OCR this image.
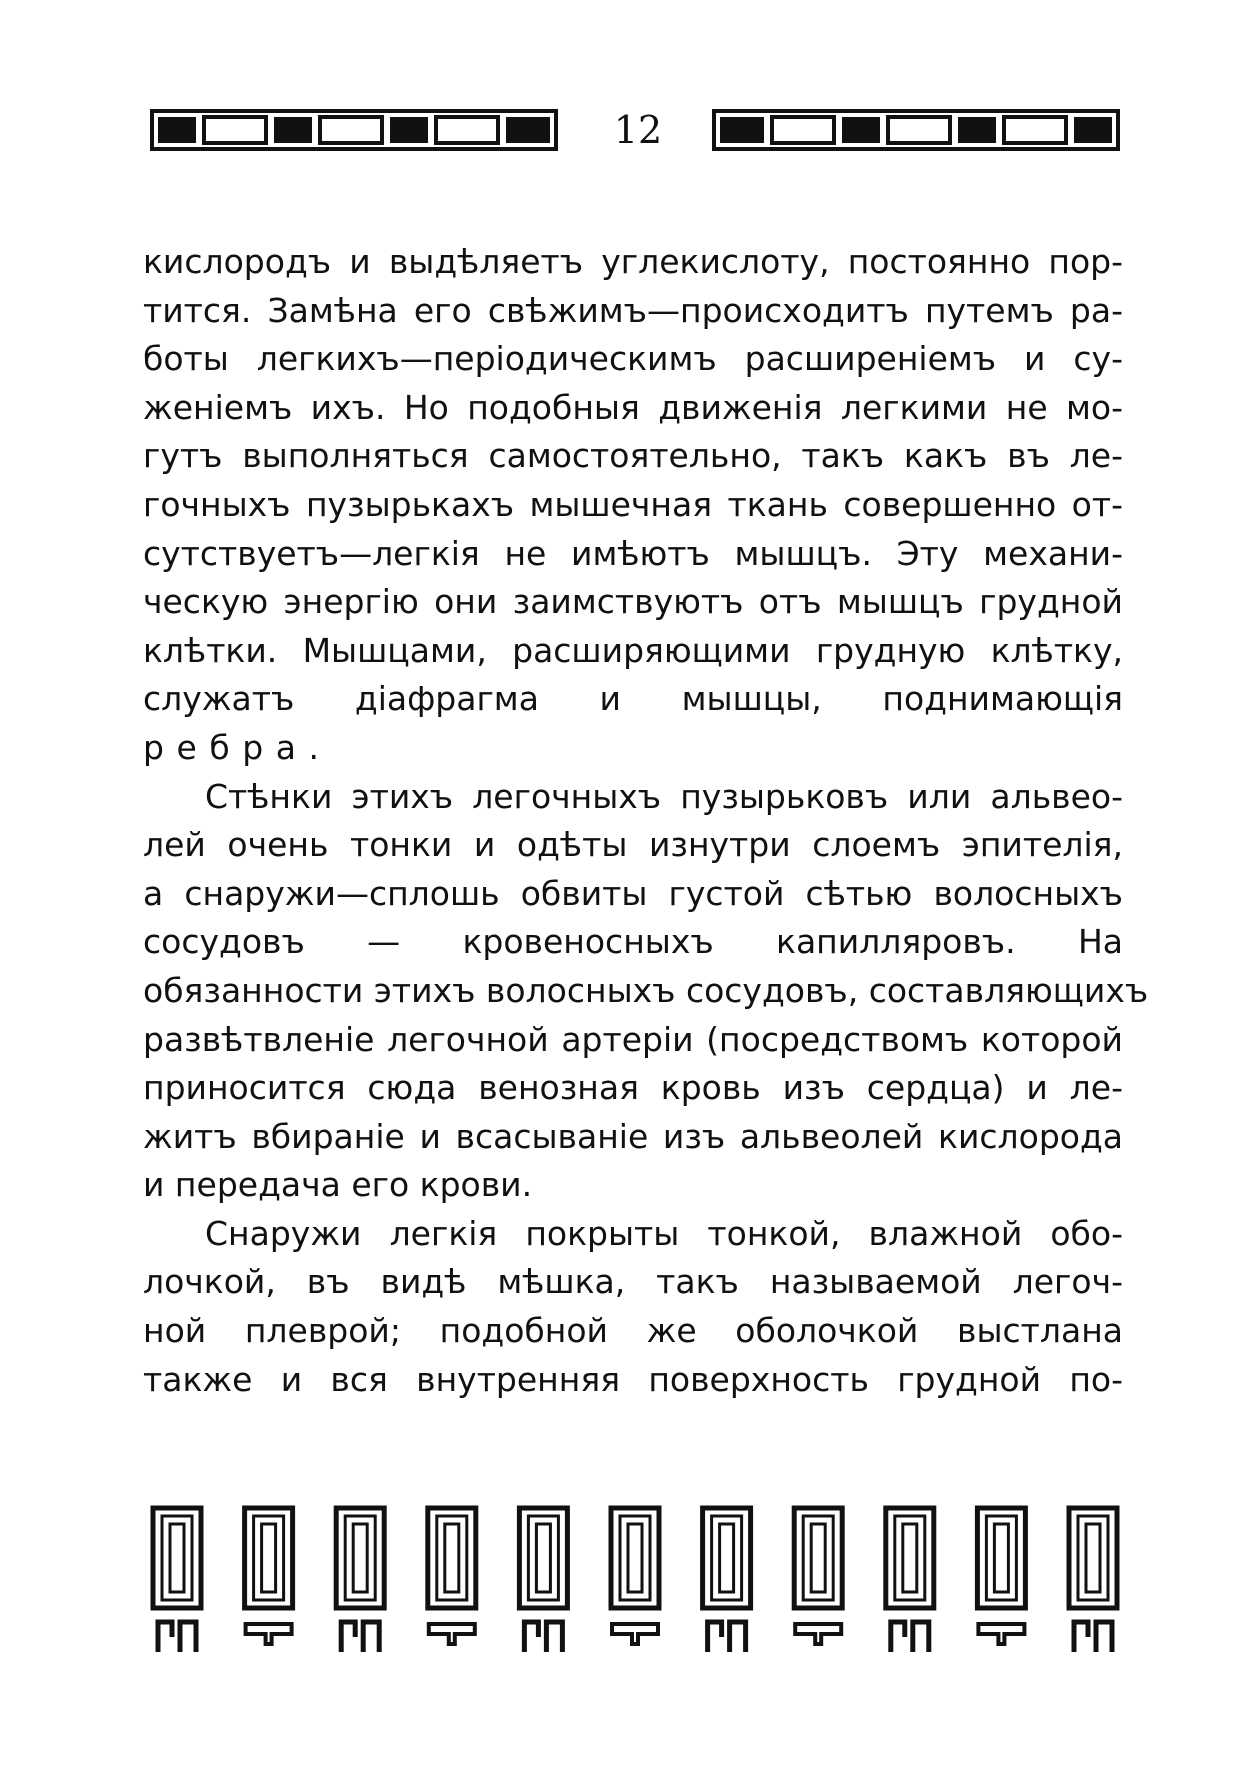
12
кислородъ и выдѣляетъ углекислоту, постоянно пор-
тится. Замѣна его свѣжимъ—происходитъ путемъ ра-
боты легкихъ—періодическимъ расширеніемъ и су-
женіемъ ихъ. Но подобныя движенія легкими не мо-
гутъ выполняться самостоятельно, такъ какъ въ ле-
гочныхъ пузырькахъ мышечная ткань совершенно от-
сутствуетъ—легкія не имѣютъ мышцъ. Эту механи-
ческую энергію они заимствуютъ отъ мышцъ грудной
клѣтки. Мышцами, расширяющими грудную клѣтку,
служатъ діафрагма и мышцы, поднимающія
ребра.
Стѣнки этихъ легочныхъ пузырьковъ или альвео-
лей очень тонки и одѣты изнутри слоемъ эпителія,
а снаружи—сплошь обвиты густой сѣтью волосныхъ
сосудовъ — кровеносныхъ капилляровъ. На
обязанности этихъ волосныхъ сосудовъ, составляющихъ
развѣтвленіе легочной артеріи (посредствомъ которой
приносится сюда венозная кровь изъ сердца) и ле-
житъ вбираніе и всасываніе изъ альвеолей кислорода
и передача его крови.
Снаружи легкія покрыты тонкой, влажной обо-
лочкой, въ видѣ мѣшка, такъ называемой легоч-
ной плеврой; подобной же оболочкой выстлана
также и вся внутренняя поверхность грудной по-
